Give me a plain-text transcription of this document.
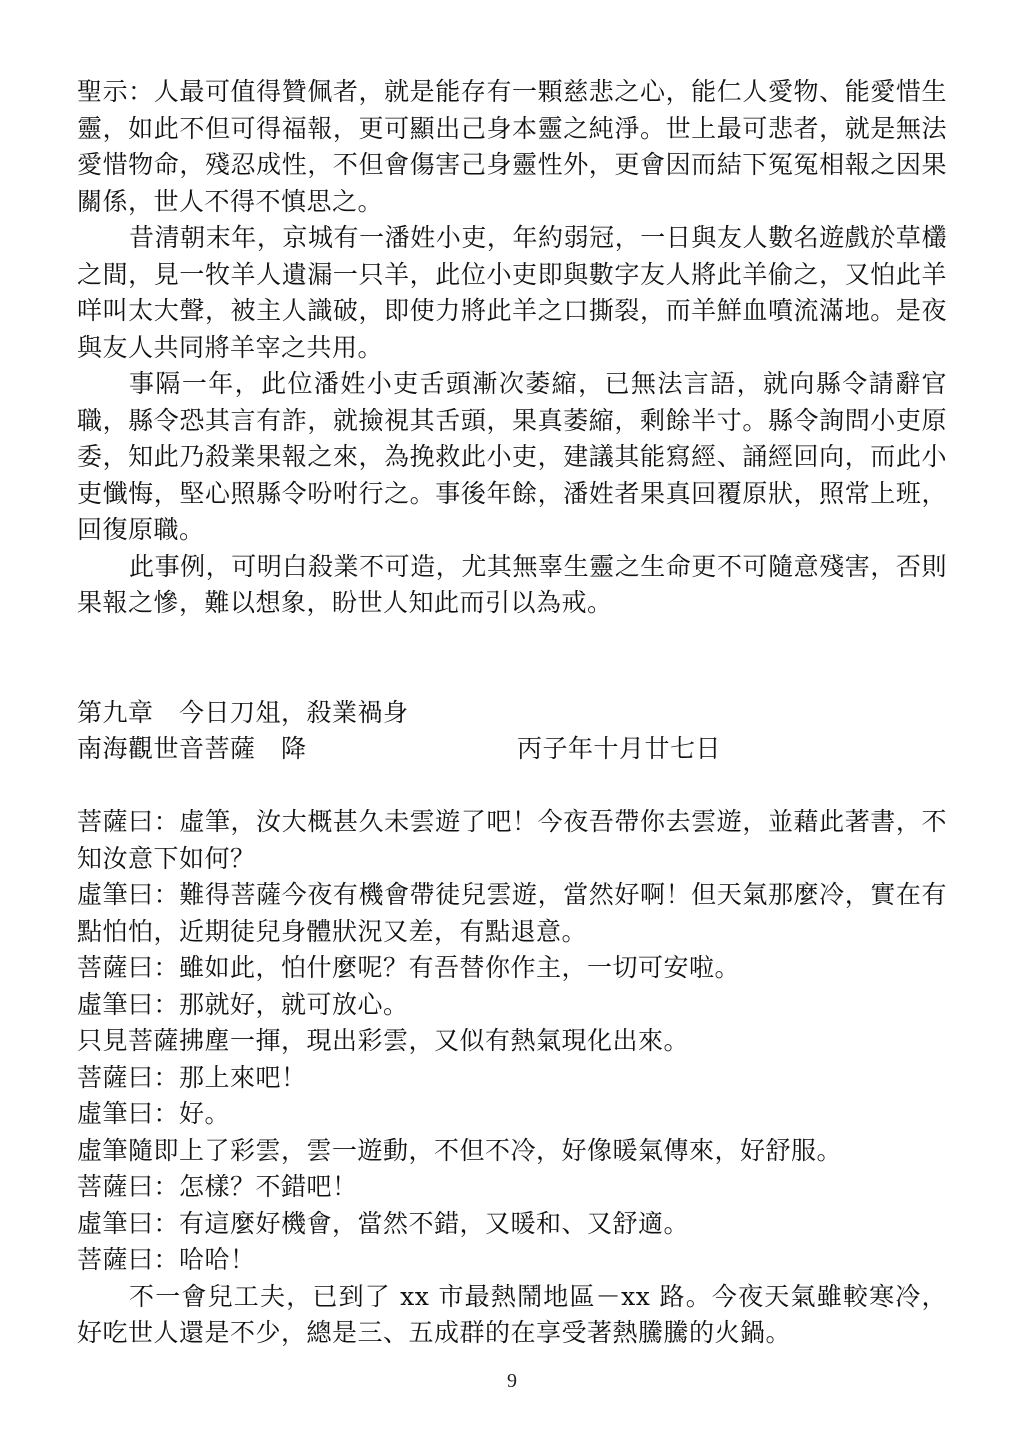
聖示：人最可值得贊佩者，就是能存有一顆慈悲之心，能仁人愛物、能愛惜生靈，如此不但可得福報，更可顯出己身本靈之純淨。世上最可悲者，就是無法愛惜物命，殘忍成性，不但會傷害己身靈性外，更會因而結下冤冤相報之因果關係，世人不得不慎思之。

昔清朝末年，京城有一潘姓小吏，年約弱冠，一日與友人數名遊戲於草欉之間，見一牧羊人遺漏一只羊，此位小吏即與數字友人將此羊偷之，又怕此羊咩叫太大聲，被主人識破，即使力將此羊之口撕裂，而羊鮮血噴流滿地。是夜與友人共同將羊宰之共用。

事隔一年，此位潘姓小吏舌頭漸次萎縮，已無法言語，就向縣令請辭官職，縣令恐其言有詐，就撿視其舌頭，果真萎縮，剩餘半寸。縣令詢問小吏原委，知此乃殺業果報之來，為挽救此小吏，建議其能寫經、誦經回向，而此小吏懺悔，堅心照縣令吩咐行之。事後年餘，潘姓者果真回覆原狀，照常上班，回復原職。

此事例，可明白殺業不可造，尤其無辜生靈之生命更不可隨意殘害，否則果報之慘，難以想象，盼世人知此而引以為戒。

第九章　今日刀俎，殺業禍身

南海觀世音菩薩　降	丙子年十月廿七日

菩薩曰：虛筆，汝大概甚久未雲遊了吧！今夜吾帶你去雲遊，並藉此著書，不知汝意下如何？

虛筆曰：難得菩薩今夜有機會帶徒兒雲遊，當然好啊！但天氣那麼冷，實在有點怕怕，近期徒兒身體狀況又差，有點退意。

菩薩曰：雖如此，怕什麼呢？有吾替你作主，一切可安啦。

虛筆曰：那就好，就可放心。

只見菩薩拂塵一揮，現出彩雲，又似有熱氣現化出來。

菩薩曰：那上來吧！

虛筆曰：好。

虛筆隨即上了彩雲，雲一遊動，不但不冷，好像暖氣傳來，好舒服。

菩薩曰：怎樣？不錯吧！

虛筆曰：有這麼好機會，當然不錯，又暖和、又舒適。

菩薩曰：哈哈！

不一會兒工夫，已到了 xx 市最熱鬧地區－xx 路。今夜天氣雖較寒冷，好吃世人還是不少，總是三、五成群的在享受著熱騰騰的火鍋。

9
